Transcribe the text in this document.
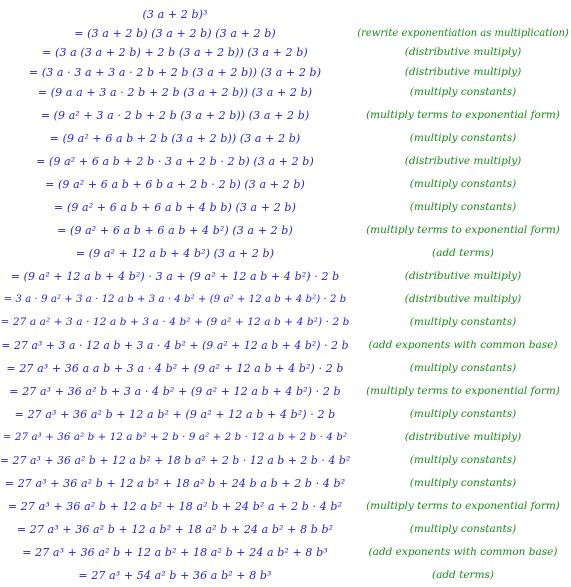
(3 a + 2 b)³
= (3 a + 2 b) (3 a + 2 b) (3 a + 2 b)	(rewrite exponentiation as multiplication)
= (3 a (3 a + 2 b) + 2 b (3 a + 2 b)) (3 a + 2 b)	(distributive multiply)
= (3 a · 3 a + 3 a · 2 b + 2 b (3 a + 2 b)) (3 a + 2 b)	(distributive multiply)
= (9 a a + 3 a · 2 b + 2 b (3 a + 2 b)) (3 a + 2 b)	(multiply constants)
= (9 a² + 3 a · 2 b + 2 b (3 a + 2 b)) (3 a + 2 b)	(multiply terms to exponential form)
= (9 a² + 6 a b + 2 b (3 a + 2 b)) (3 a + 2 b)	(multiply constants)
= (9 a² + 6 a b + 2 b · 3 a + 2 b · 2 b) (3 a + 2 b)	(distributive multiply)
= (9 a² + 6 a b + 6 b a + 2 b · 2 b) (3 a + 2 b)	(multiply constants)
= (9 a² + 6 a b + 6 a b + 4 b b) (3 a + 2 b)	(multiply constants)
= (9 a² + 6 a b + 6 a b + 4 b²) (3 a + 2 b)	(multiply terms to exponential form)
= (9 a² + 12 a b + 4 b²) (3 a + 2 b)	(add terms)
= (9 a² + 12 a b + 4 b²) · 3 a + (9 a² + 12 a b + 4 b²) · 2 b	(distributive multiply)
= 3 a · 9 a² + 3 a · 12 a b + 3 a · 4 b² + (9 a² + 12 a b + 4 b²) · 2 b	(distributive multiply)
= 27 a a² + 3 a · 12 a b + 3 a · 4 b² + (9 a² + 12 a b + 4 b²) · 2 b	(multiply constants)
= 27 a³ + 3 a · 12 a b + 3 a · 4 b² + (9 a² + 12 a b + 4 b²) · 2 b	(add exponents with common base)
= 27 a³ + 36 a a b + 3 a · 4 b² + (9 a² + 12 a b + 4 b²) · 2 b	(multiply constants)
= 27 a³ + 36 a² b + 3 a · 4 b² + (9 a² + 12 a b + 4 b²) · 2 b	(multiply terms to exponential form)
= 27 a³ + 36 a² b + 12 a b² + (9 a² + 12 a b + 4 b²) · 2 b	(multiply constants)
= 27 a³ + 36 a² b + 12 a b² + 2 b · 9 a² + 2 b · 12 a b + 2 b · 4 b²	(distributive multiply)
= 27 a³ + 36 a² b + 12 a b² + 18 b a² + 2 b · 12 a b + 2 b · 4 b²	(multiply constants)
= 27 a³ + 36 a² b + 12 a b² + 18 a² b + 24 b a b + 2 b · 4 b²	(multiply constants)
= 27 a³ + 36 a² b + 12 a b² + 18 a² b + 24 b² a + 2 b · 4 b²	(multiply terms to exponential form)
= 27 a³ + 36 a² b + 12 a b² + 18 a² b + 24 a b² + 8 b b²	(multiply constants)
= 27 a³ + 36 a² b + 12 a b² + 18 a² b + 24 a b² + 8 b³	(add exponents with common base)
= 27 a³ + 54 a² b + 36 a b² + 8 b³	(add terms)
